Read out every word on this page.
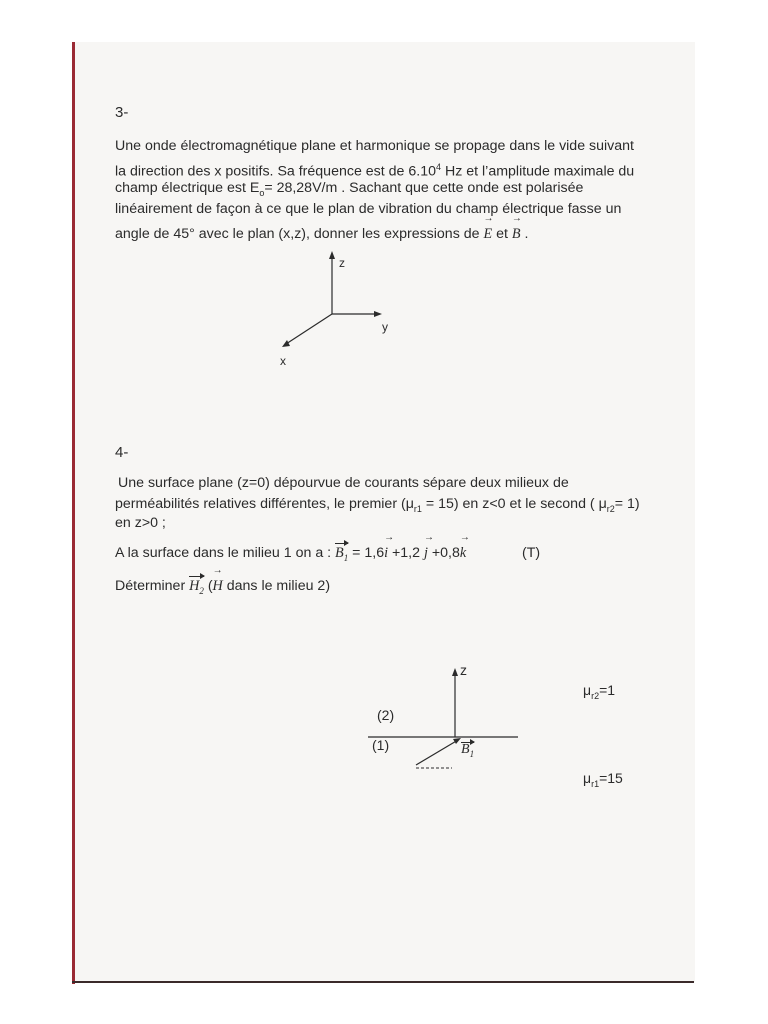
3-
Une onde électromagnétique plane et harmonique se propage dans le vide suivant
la direction des x positifs. Sa fréquence est de 6.10$^4$ Hz et l’amplitude maximale du
champ électrique est $E_o= 28,28V/m$ . Sachant que cette onde est polarisée
linéairement de façon à ce que le plan de vibration du champ électrique fasse un
angle de 45° avec le plan (x,z), donner les expressions de → E et → B .
z
y
x
4-
Une surface plane (z=0) dépourvue de courants sépare deux milieux de
perméabilités relatives différentes, le premier $(\mu_{r1} = 15)$ en z<0 et le second ( $\mu_{r2}= 1$)
en z>0 ;
A la surface dans le milieu 1 on a : $B_1 = 1,6\to i +1,2 \to j +0,8\to k$	(T)
Déterminer $H_2$ (→ H dans le milieu 2)
z
(2)
(1)	$B_1$
$\mu_{r2}=1$
$\mu_{r1}=15$
